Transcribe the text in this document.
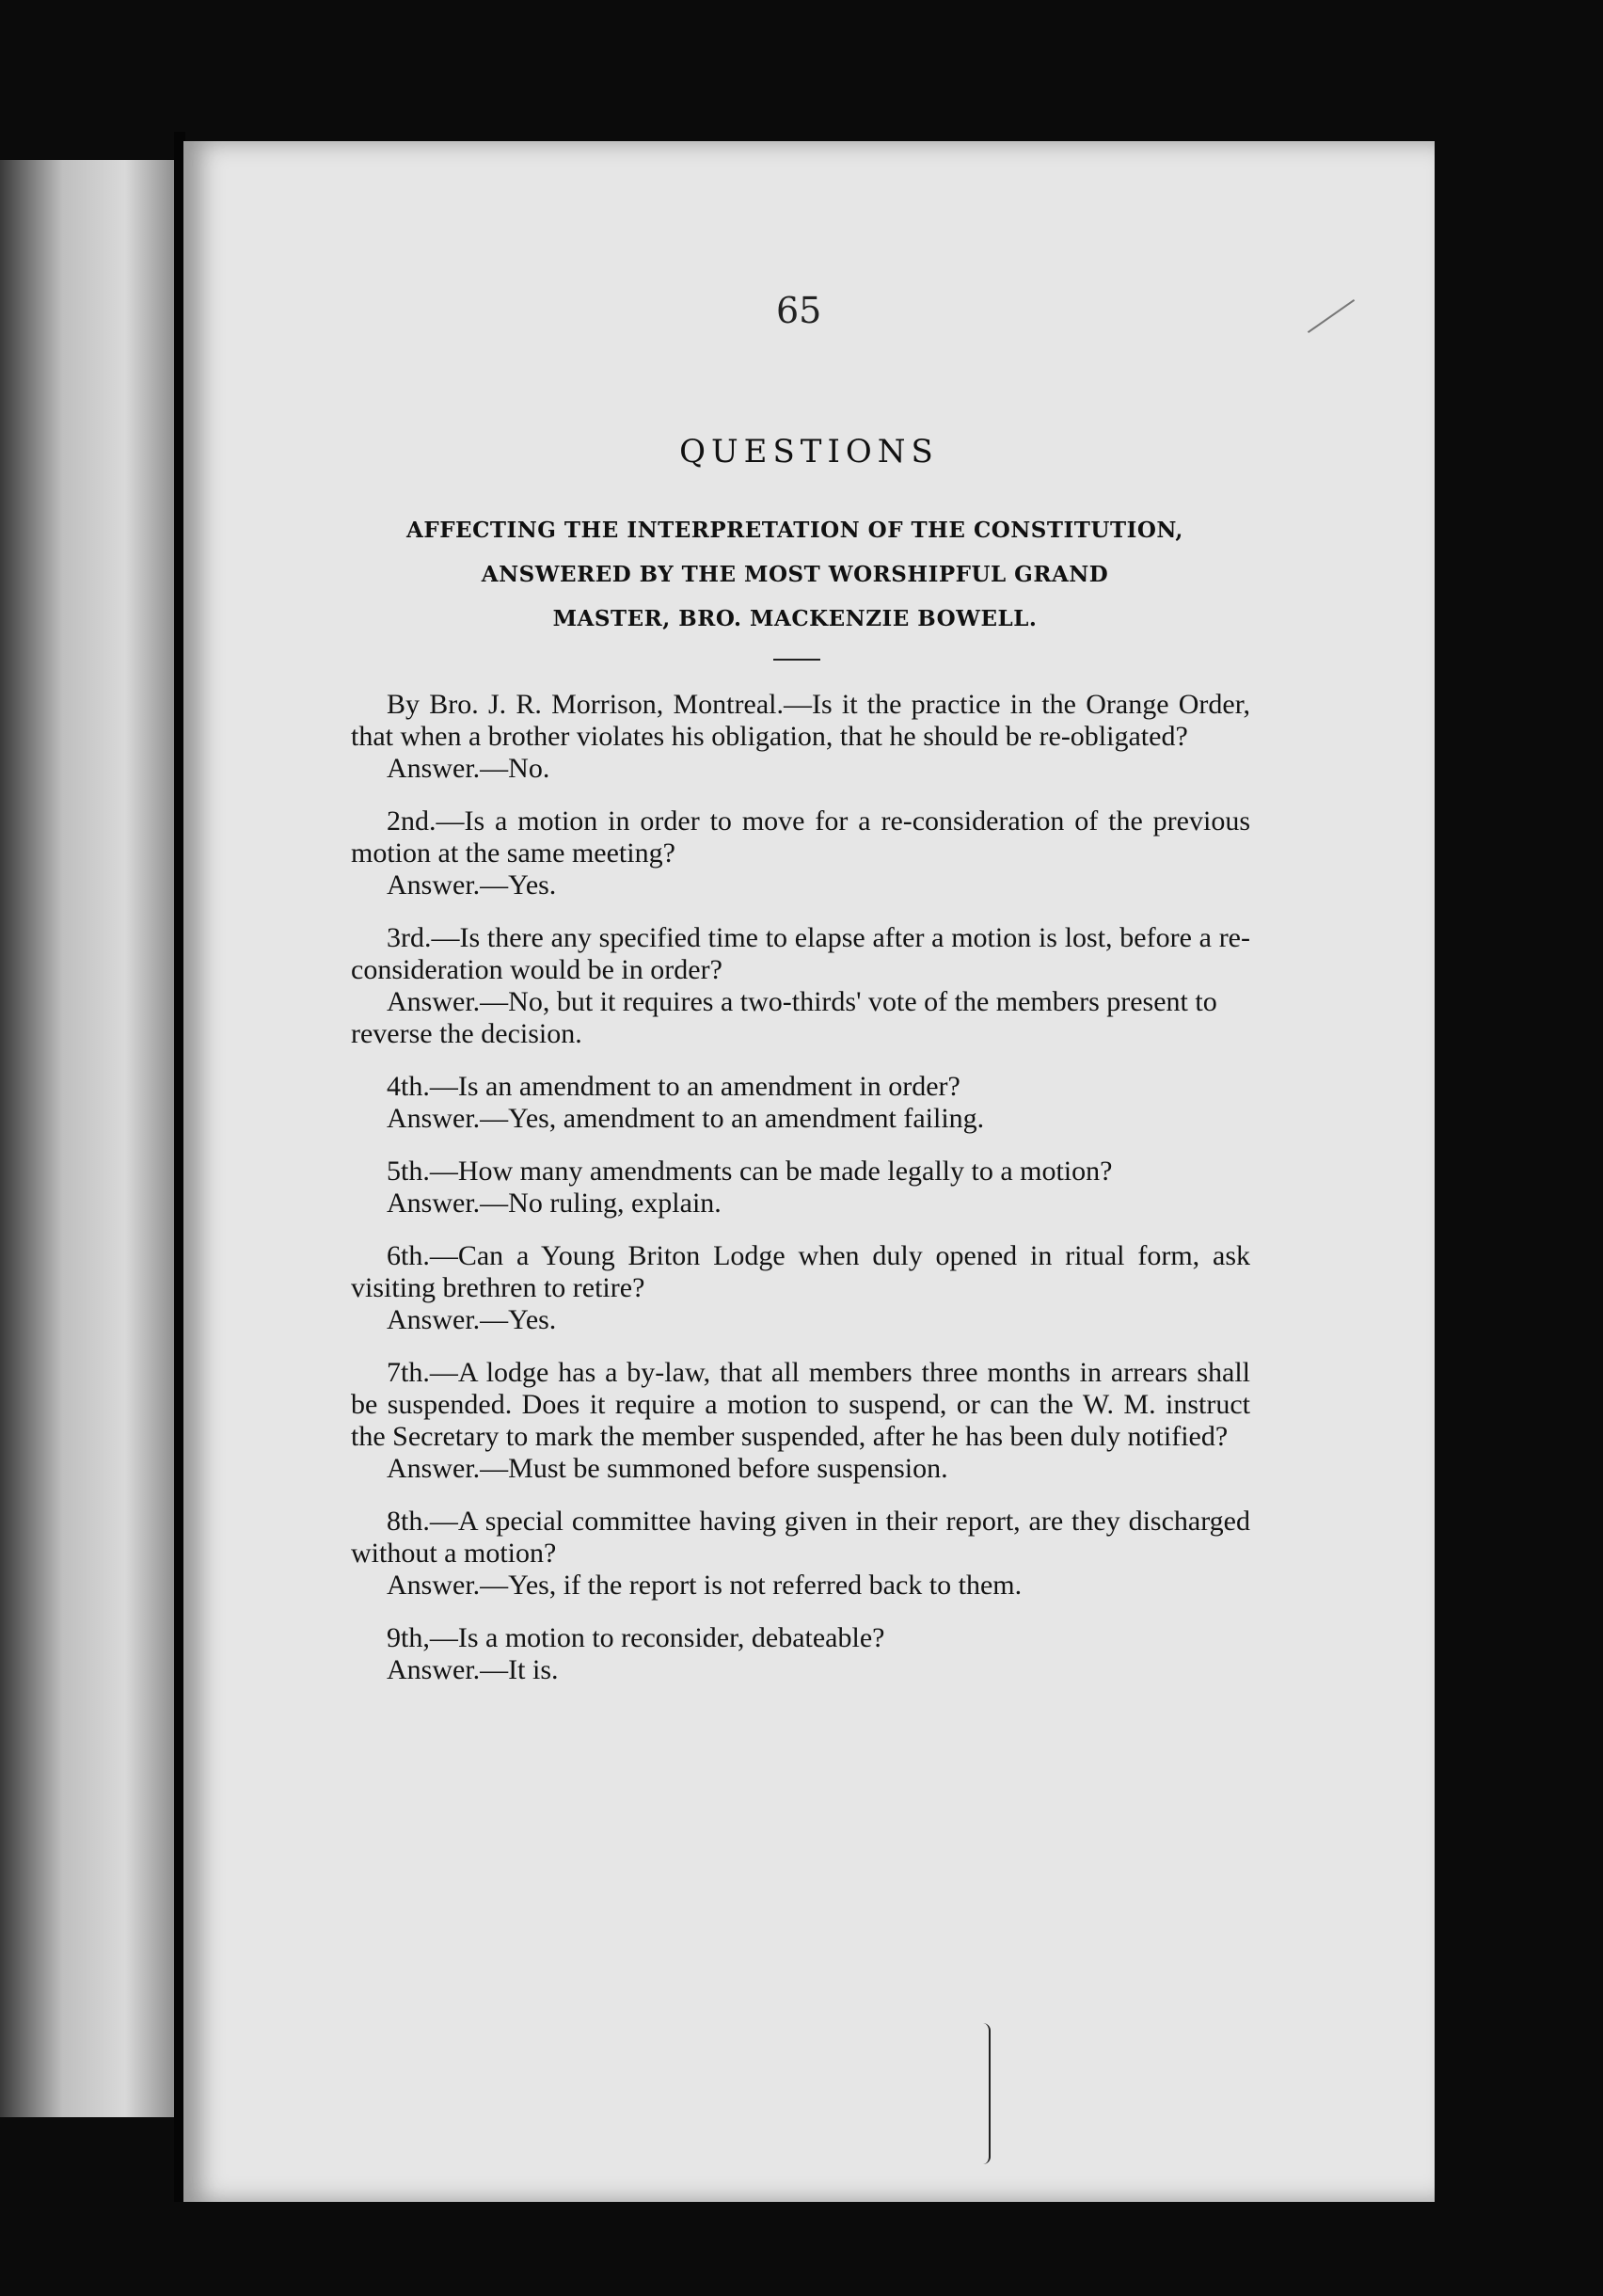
65
QUESTIONS
AFFECTING THE INTERPRETATION OF THE CONSTITUTION,
ANSWERED BY THE MOST WORSHIPFUL GRAND
MASTER, BRO. MACKENZIE BOWELL.

By Bro. J. R. Morrison, Montreal.—Is it the practice in the Orange Order, that when a brother violates his obligation, that he should be re-obligated?

Answer.—No.

2nd.—Is a motion in order to move for a re-consideration of the previous motion at the same meeting?

Answer.—Yes.

3rd.—Is there any specified time to elapse after a motion is lost, before a re-consideration would be in order?

Answer.—No, but it requires a two-thirds' vote of the members present to reverse the decision.

4th.—Is an amendment to an amendment in order?

Answer.—Yes, amendment to an amendment failing.

5th.—How many amendments can be made legally to a motion?

Answer.—No ruling, explain.

6th.—Can a Young Briton Lodge when duly opened in ritual form, ask visiting brethren to retire?

Answer.—Yes.

7th.—A lodge has a by-law, that all members three months in arrears shall be suspended. Does it require a motion to suspend, or can the W. M. instruct the Secretary to mark the member suspended, after he has been duly notified?

Answer.—Must be summoned before suspension.

8th.—A special committee having given in their report, are they discharged without a motion?

Answer.—Yes, if the report is not referred back to them.

9th,—Is a motion to reconsider, debateable?

Answer.—It is.
